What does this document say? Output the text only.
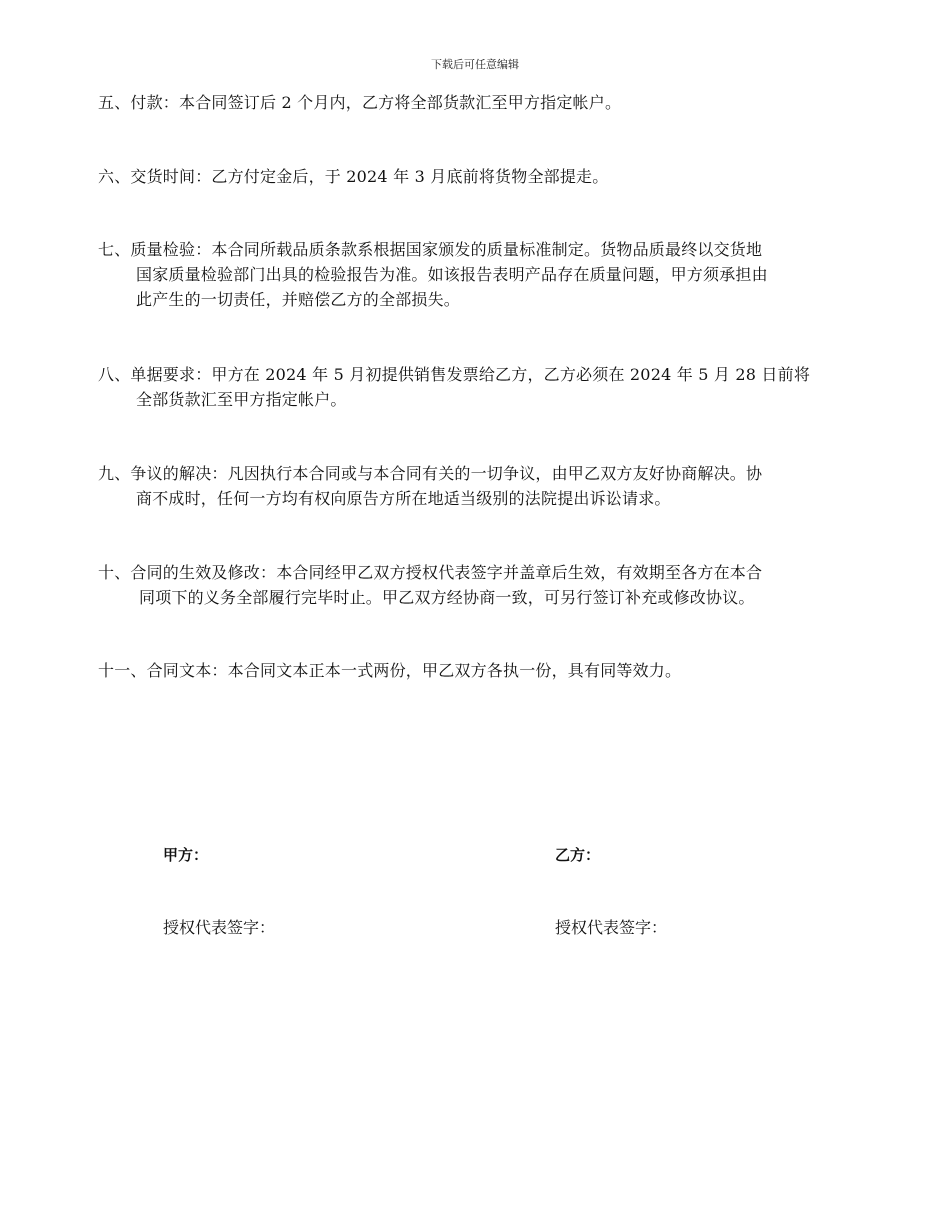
下载后可任意编辑
五、付款：本合同签订后 2 个月内，乙方将全部货款汇至甲方指定帐户。
六、交货时间：乙方付定金后，于 2024 年 3 月底前将货物全部提走。
七、质量检验：本合同所载品质条款系根据国家颁发的质量标准制定。货物品质最终以交货地
国家质量检验部门出具的检验报告为准。如该报告表明产品存在质量问题，甲方须承担由
此产生的一切责任，并赔偿乙方的全部损失。
八、单据要求：甲方在 2024 年 5 月初提供销售发票给乙方，乙方必须在 2024 年 5 月 28 日前将
全部货款汇至甲方指定帐户。
九、争议的解决：凡因执行本合同或与本合同有关的一切争议，由甲乙双方友好协商解决。协
商不成时，任何一方均有权向原告方所在地适当级别的法院提出诉讼请求。
十、合同的生效及修改：本合同经甲乙双方授权代表签字并盖章后生效，有效期至各方在本合
同项下的义务全部履行完毕时止。甲乙双方经协商一致，可另行签订补充或修改协议。
十一、合同文本：本合同文本正本一式两份，甲乙双方各执一份，具有同等效力。
甲方：	乙方：
授权代表签字：	授权代表签字：
